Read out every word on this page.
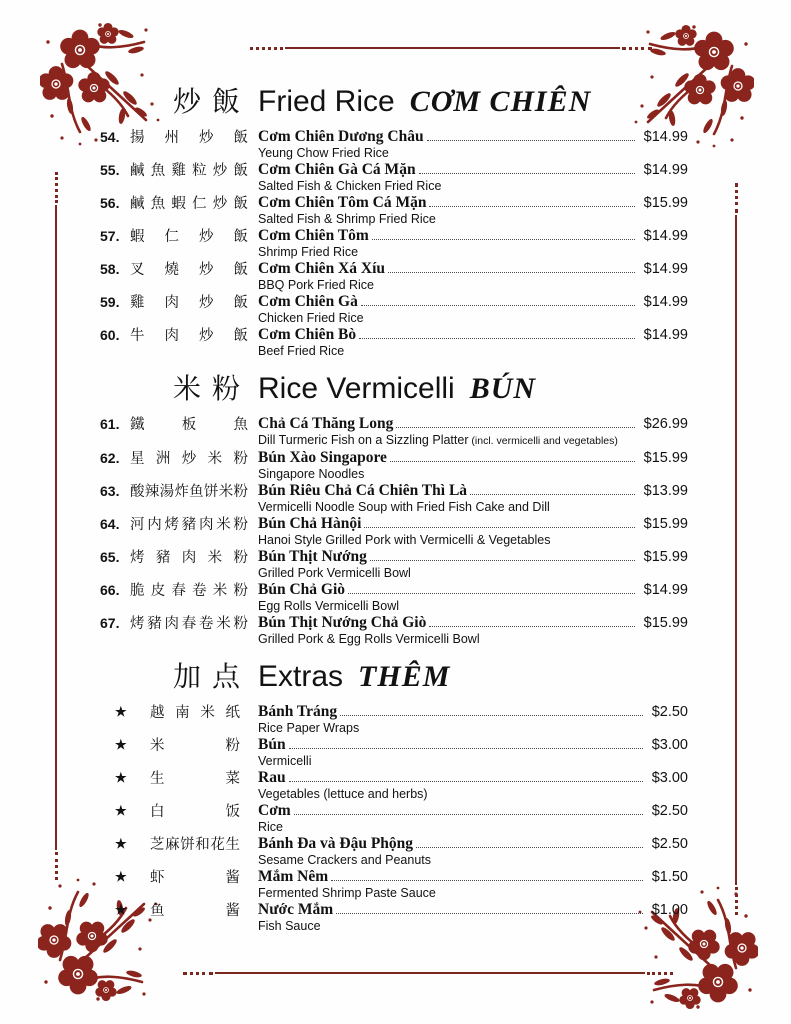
炒 飯 Fried Rice CƠM CHIÊN
54. 揚 州 炒 飯 Cơm Chiên Dương Châu	$14.99
Yeung Chow Fried Rice
55. 鹹 魚 雞 粒 炒 飯 Cơm Chiên Gà Cá Mặn	$14.99
Salted Fish & Chicken Fried Rice
56. 鹹 魚 蝦 仁 炒 飯 Cơm Chiên Tôm Cá Mặn	$15.99
Salted Fish & Shrimp Fried Rice
57. 蝦 仁 炒 飯 Cơm Chiên Tôm	$14.99
Shrimp Fried Rice
58. 叉 燒 炒 飯 Cơm Chiên Xá Xíu	$14.99
BBQ Pork Fried Rice
59. 雞 肉 炒 飯 Cơm Chiên Gà	$14.99
Chicken Fried Rice
60. 牛 肉 炒 飯 Cơm Chiên Bò	$14.99
Beef Fried Rice
米 粉 Rice Vermicelli BÚN
61. 鐵	板	魚 Chả Cá Thăng Long	$26.99
Dill Turmeric Fish on a Sizzling Platter (incl. vermicelli and vegetables)
62. 星 洲 炒 米 粉 Bún Xào Singapore	$15.99
Singapore Noodles
63. 酸 辣 湯 炸 鱼 饼 米 粉 Bún Riêu Chả Cá Chiên Thì Là	$13.99
Vermicelli Noodle Soup with Fried Fish Cake and Dill
64. 河 内 烤 豬 肉 米 粉 Bún Chả Hànội	$15.99
Hanoi Style Grilled Pork with Vermicelli & Vegetables
65. 烤 豬 肉 米 粉 Bún Thịt Nướng	$15.99
Grilled Pork Vermicelli Bowl
66. 脆 皮 春 卷 米 粉 Bún Chả Giò	$14.99
Egg Rolls Vermicelli Bowl
67. 烤 豬 肉 春 卷 米 粉 Bún Thịt Nướng Chả Giò	$15.99
Grilled Pork & Egg Rolls Vermicelli Bowl
加 点 Extras THÊM
★ 越 南 米 纸 Bánh Tráng	$2.50
Rice Paper Wraps
★ 米	粉 Bún	$3.00
Vermicelli
★ 生	菜 Rau	$3.00
Vegetables (lettuce and herbs)
★ 白	饭 Cơm	$2.50
Rice
★ 芝 麻 饼 和 花 生 Bánh Đa và Đậu Phộng	$2.50
Sesame Crackers and Peanuts
★ 虾	酱 Mắm Nêm	$1.50
Fermented Shrimp Paste Sauce
★ 鱼	酱 Nước Mắm	$1.00
Fish Sauce
